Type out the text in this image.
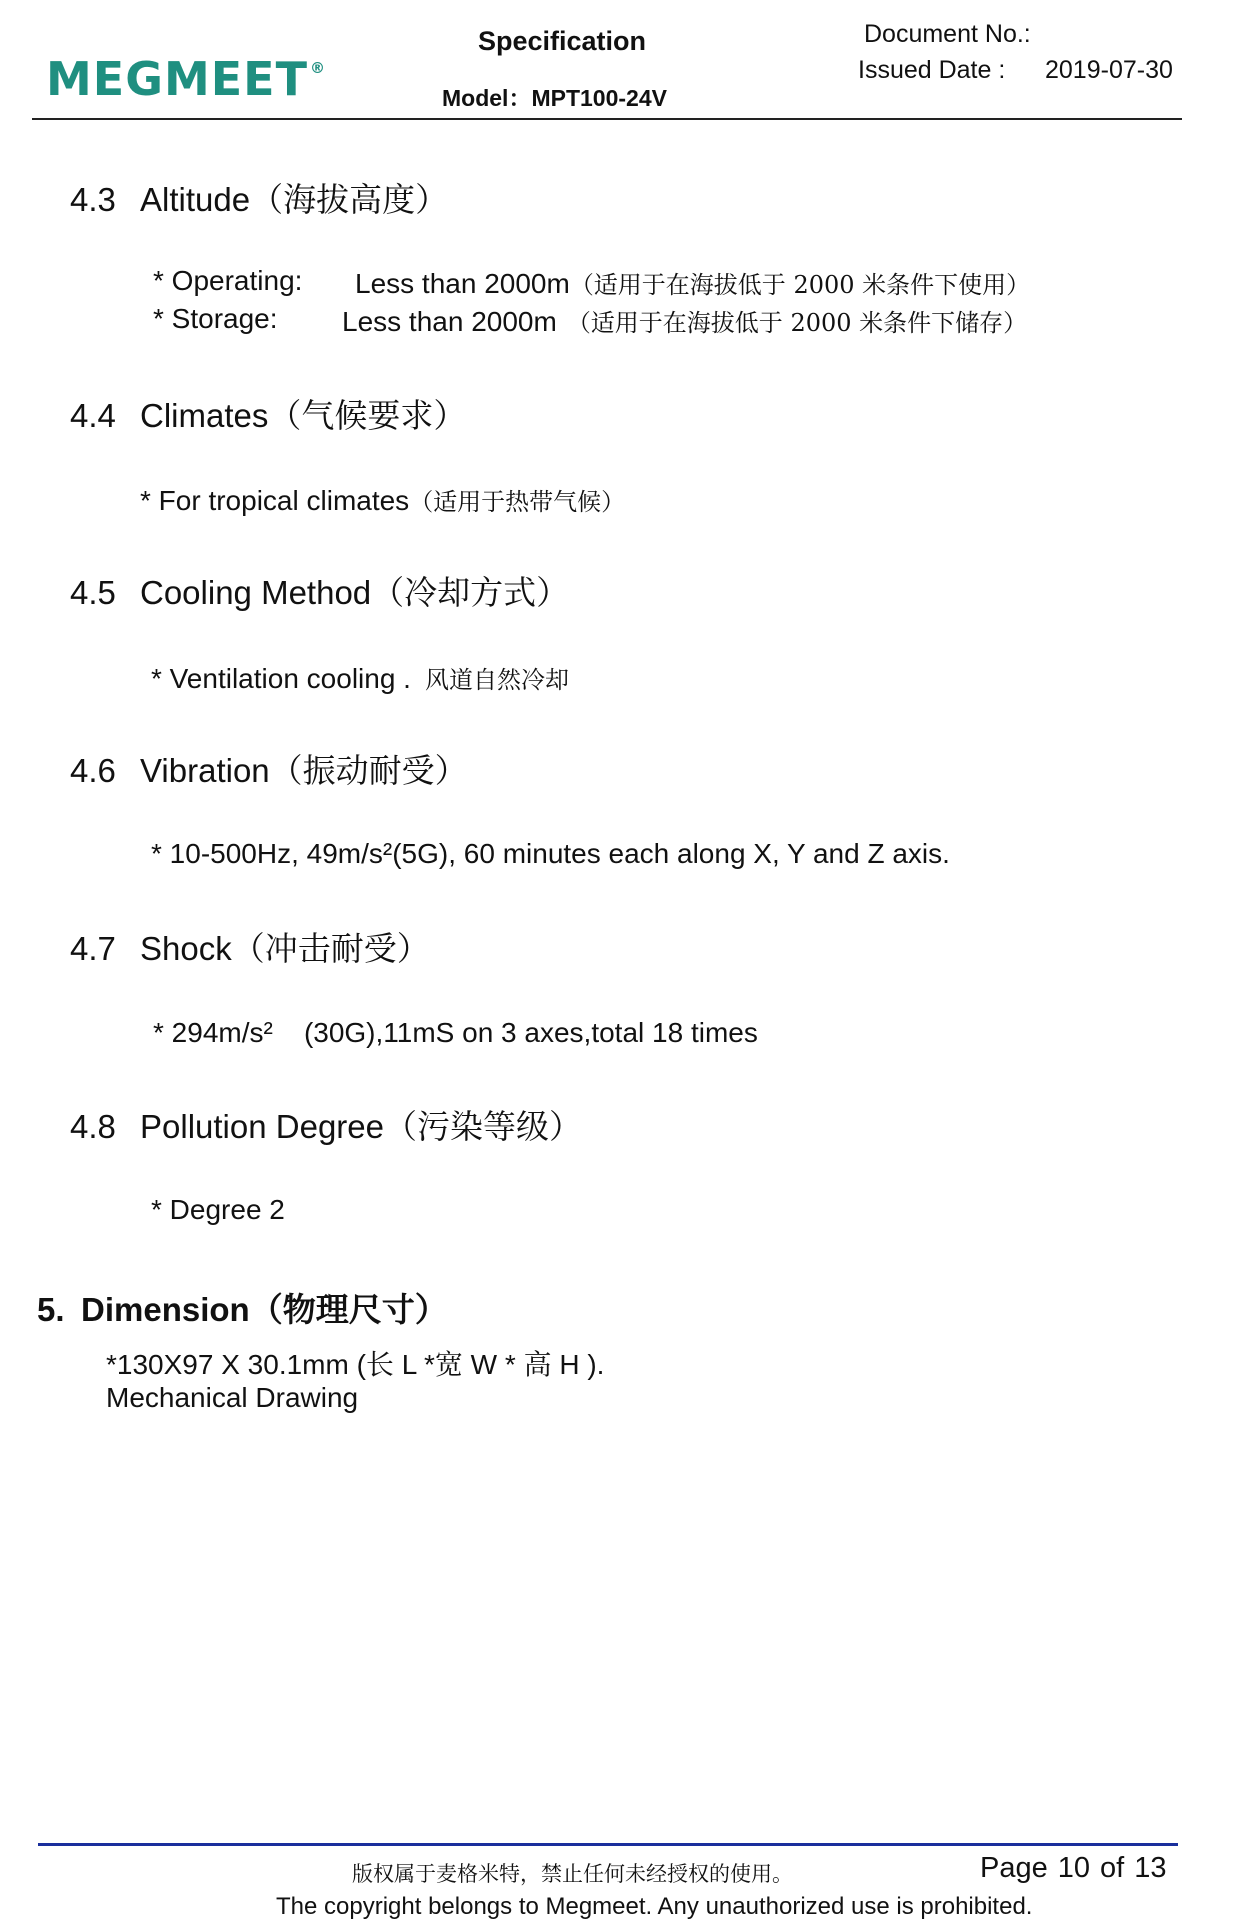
MEGMEET ®
Specification
Model：MPT100-24V
Document No.:
Issued Date : 2019-07-30
4.3 Altitude（海拔高度）
* Operating: Less than 2000m（适用于在海拔低于 2000 米条件下使用）
* Storage: Less than 2000m （适用于在海拔低于 2000 米条件下储存）
4.4 Climates（气候要求）
* For tropical climates（适用于热带气候）
4.5 Cooling Method（冷却方式）
* Ventilation cooling . 风道自然冷却
4.6 Vibration（振动耐受）
* 10-500Hz, 49m/s²(5G), 60 minutes each along X, Y and Z axis.
4.7 Shock（冲击耐受）
* 294m/s²    (30G),11mS on 3 axes,total 18 times
4.8 Pollution Degree（污染等级）
* Degree 2
5. Dimension（物理尺寸）
*130X97 X 30.1mm (长 L *宽 W * 高 H ).
Mechanical Drawing
版权属于麦格米特，禁止任何未经授权的使用。
The copyright belongs to Megmeet. Any unauthorized use is prohibited.
Page 10 of 13
